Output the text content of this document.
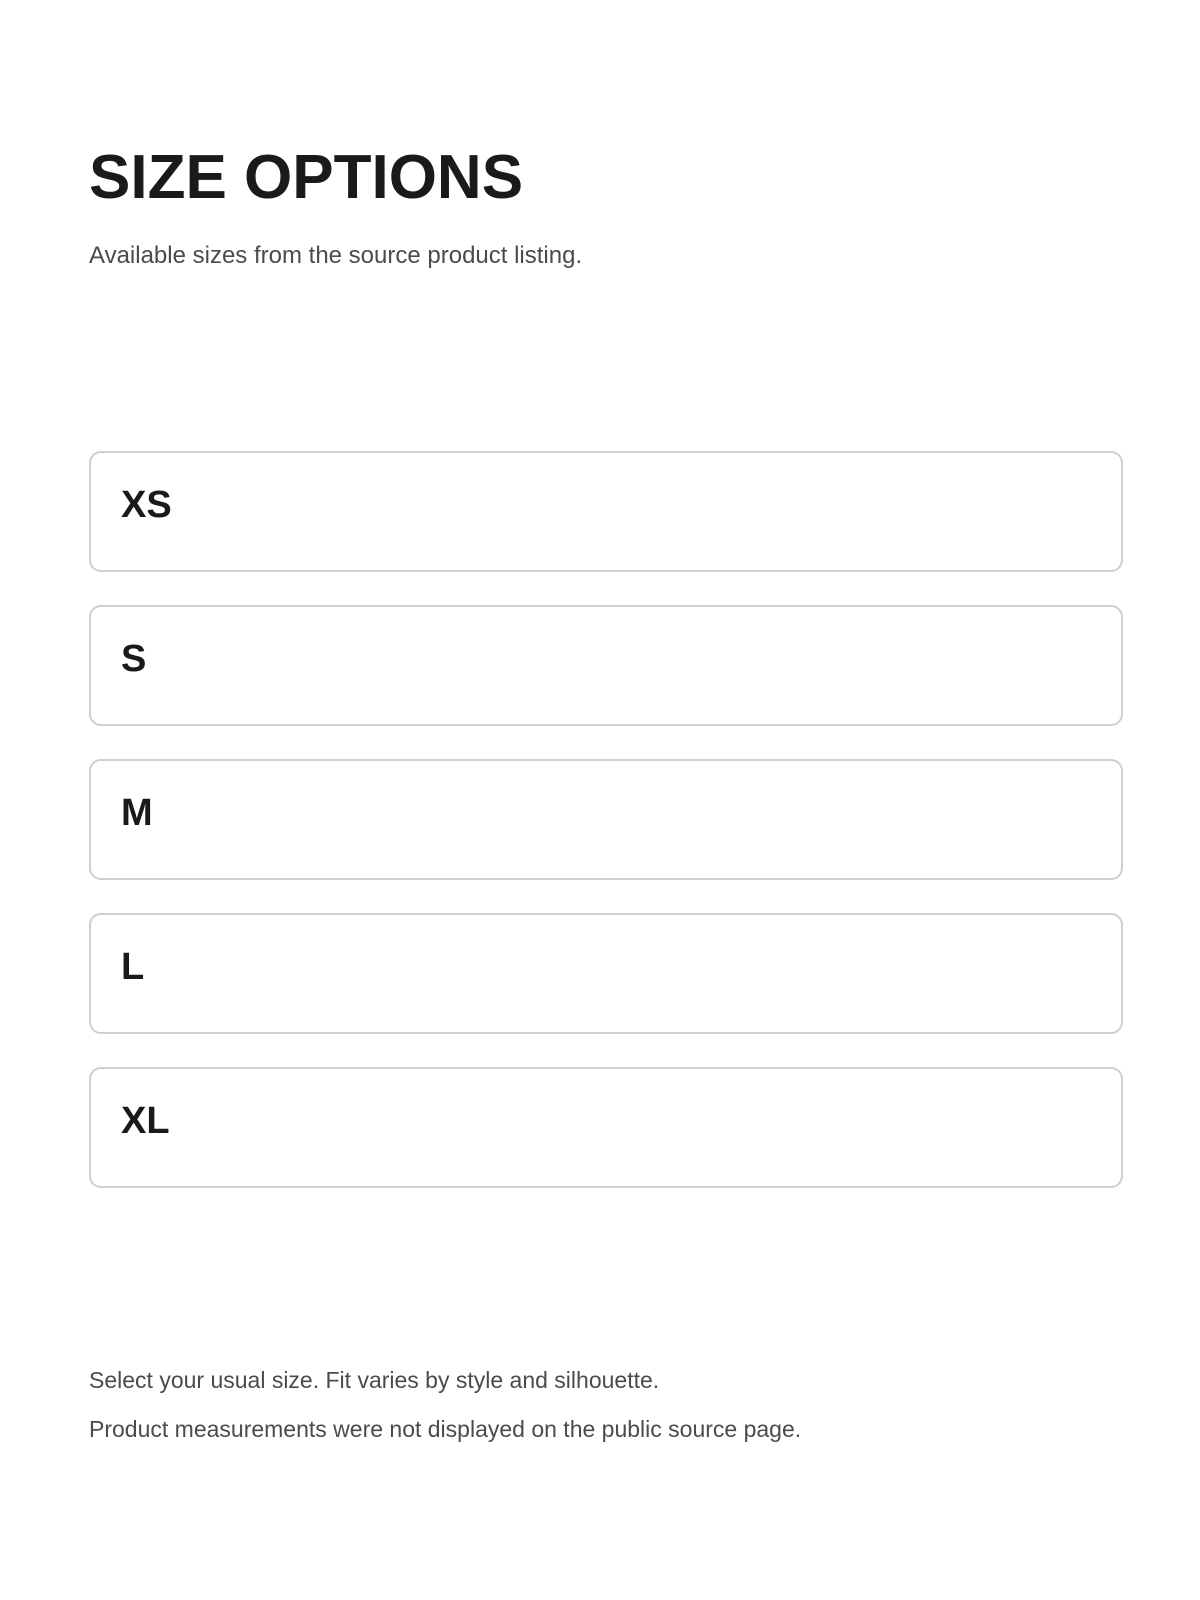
SIZE OPTIONS

Available sizes from the source product listing.

XS
S
M
L
XL

Select your usual size. Fit varies by style and silhouette.

Product measurements were not displayed on the public source page.
